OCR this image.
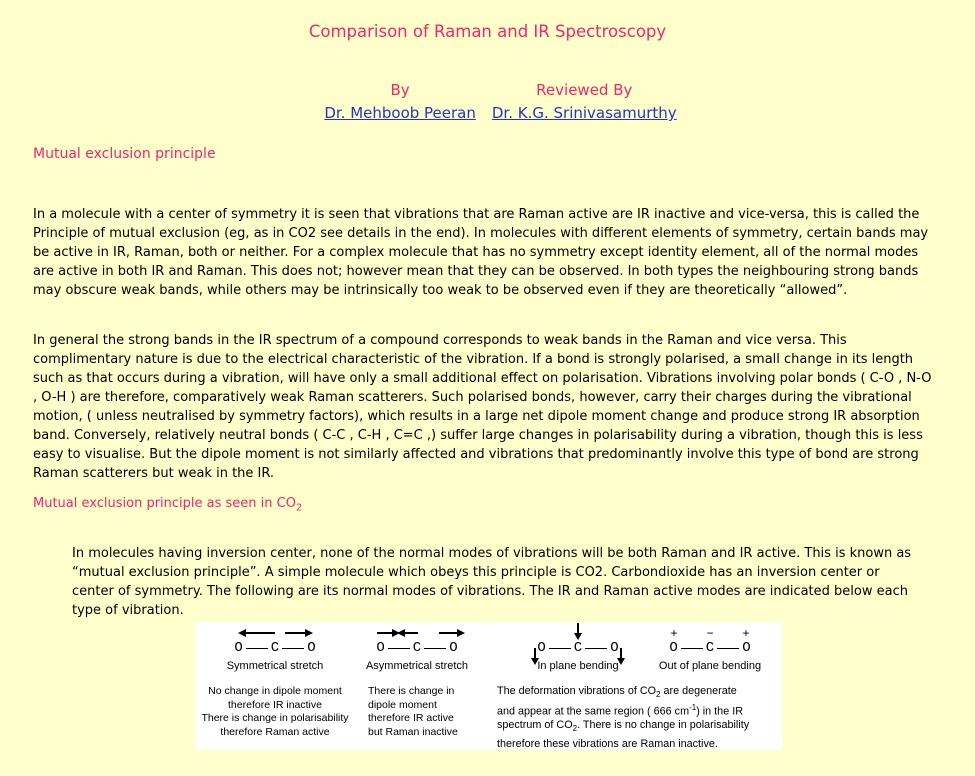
Comparison of Raman and IR Spectroscopy
By
Dr. Mehboob Peeran
Reviewed By
Dr. K.G. Srinivasamurthy
Mutual exclusion principle

In a molecule with a center of symmetry it is seen that vibrations that are Raman active are IR inactive and vice-versa, this is called the Principle of mutual exclusion (eg, as in CO2 see details in the end). In molecules with different elements of symmetry, certain bands may be active in IR, Raman, both or neither. For a complex molecule that has no symmetry except identity element, all of the normal modes are active in both IR and Raman. This does not; however mean that they can be observed. In both types the neighbouring strong bands may obscure weak bands, while others may be intrinsically too weak to be observed even if they are theoretically “allowed”.

In general the strong bands in the IR spectrum of a compound corresponds to weak bands in the Raman and vice versa. This complimentary nature is due to the electrical characteristic of the vibration. If a bond is strongly polarised, a small change in its length such as that occurs during a vibration, will have only a small additional effect on polarisation. Vibrations involving polar bonds ( C-O , N-O , O-H ) are therefore, comparatively weak Raman scatterers. Such polarised bonds, however, carry their charges during the vibrational motion, ( unless neutralised by symmetry factors), which results in a large net dipole moment change and produce strong IR absorption band. Conversely, relatively neutral bonds ( C-C , C-H , C=C ,) suffer large changes in polarisability during a vibration, though this is less easy to visualise. But the dipole moment is not similarly affected and vibrations that predominantly involve this type of bond are strong Raman scatterers but weak in the IR.

Mutual exclusion principle as seen in $CO_2$

In molecules having inversion center, none of the normal modes of vibrations will be both Raman and IR active. This is known as “mutual exclusion principle”. A simple molecule which obeys this principle is CO2. Carbondioxide has an inversion center or center of symmetry. The following are its normal modes of vibrations. The IR and Raman active modes are indicated below each type of vibration.

O C O
Symmetrical stretch
No change in dipole moment
therefore IR inactive
There is change in polarisability
therefore Raman active
O C O
Asymmetrical stretch
There is change in
dipole moment
therefore IR active
but Raman inactive
O C O
In plane bending
+ − +
O C O
Out of plane bending
The deformation vibrations of $CO_2$ are degenerate
and appear at the same region ( 666 $cm^{-1}$) in the IR
spectrum of $CO_2$. There is no change in polarisability
therefore these vibrations are Raman inactive.
